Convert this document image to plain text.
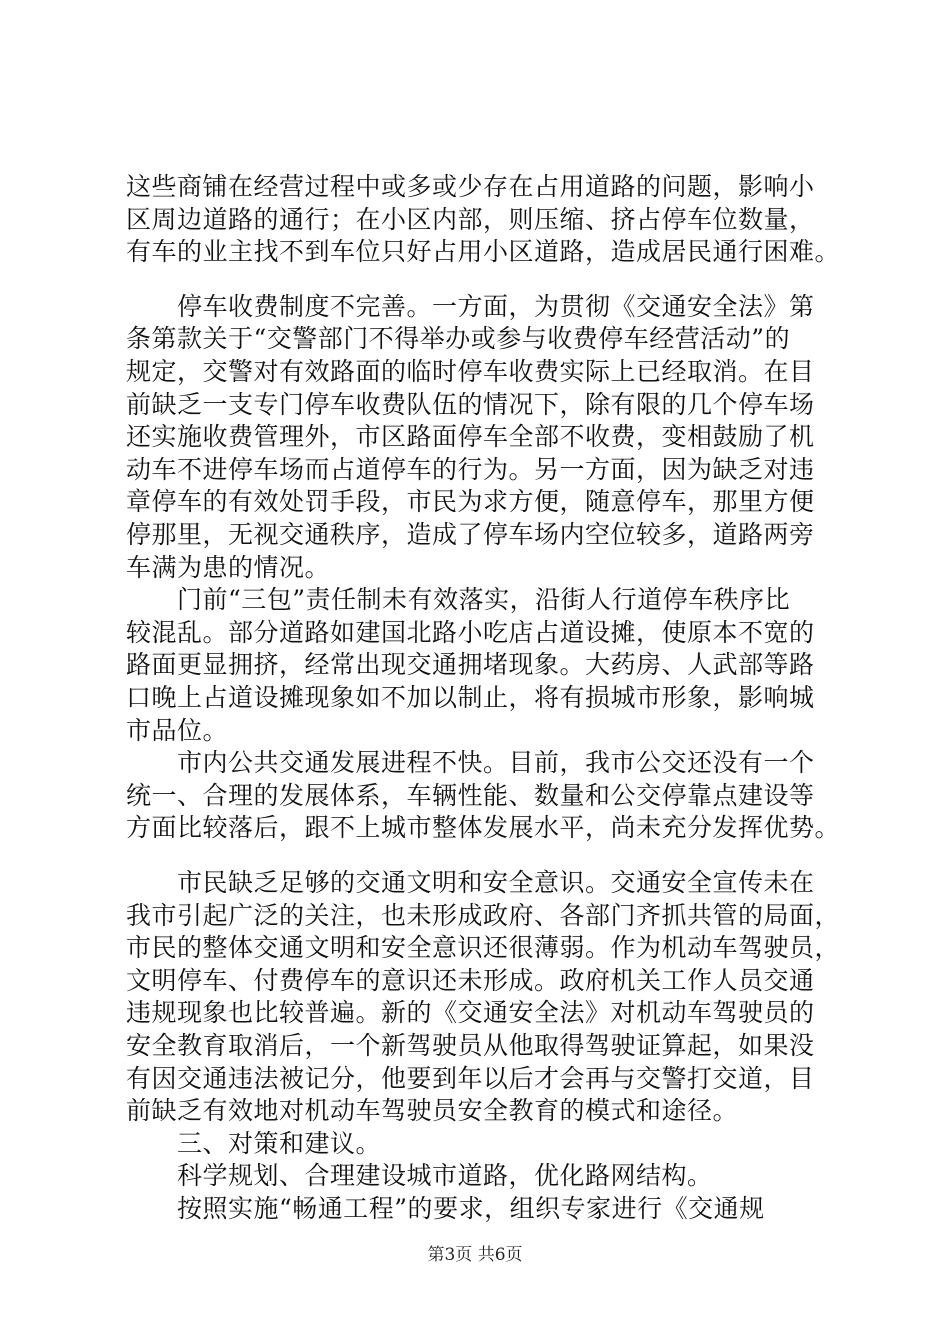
第3页 共6页
这些商铺在经营过程中或多或少存在占用道路的问题，影响小
区周边道路的通行；在小区内部，则压缩、挤占停车位数量，
有车的业主找不到车位只好占用小区道路，造成居民通行困难。
　　停车收费制度不完善。一方面，为贯彻《交通安全法》第
条第款关于“交警部门不得举办或参与收费停车经营活动”的
规定，交警对有效路面的临时停车收费实际上已经取消。在目
前缺乏一支专门停车收费队伍的情况下，除有限的几个停车场
还实施收费管理外，市区路面停车全部不收费，变相鼓励了机
动车不进停车场而占道停车的行为。另一方面，因为缺乏对违
章停车的有效处罚手段，市民为求方便，随意停车，那里方便
停那里，无视交通秩序，造成了停车场内空位较多，道路两旁
车满为患的情况。
　　门前“三包”责任制未有效落实，沿街人行道停车秩序比
较混乱。部分道路如建国北路小吃店占道设摊，使原本不宽的
路面更显拥挤，经常出现交通拥堵现象。大药房、人武部等路
口晚上占道设摊现象如不加以制止，将有损城市形象，影响城
市品位。
　　市内公共交通发展进程不快。目前，我市公交还没有一个
统一、合理的发展体系，车辆性能、数量和公交停靠点建设等
方面比较落后，跟不上城市整体发展水平，尚未充分发挥优势。
　　市民缺乏足够的交通文明和安全意识。交通安全宣传未在
我市引起广泛的关注，也未形成政府、各部门齐抓共管的局面，
市民的整体交通文明和安全意识还很薄弱。作为机动车驾驶员，
文明停车、付费停车的意识还未形成。政府机关工作人员交通
违规现象也比较普遍。新的《交通安全法》对机动车驾驶员的
安全教育取消后，一个新驾驶员从他取得驾驶证算起，如果没
有因交通违法被记分，他要到年以后才会再与交警打交道，目
前缺乏有效地对机动车驾驶员安全教育的模式和途径。
　　三、对策和建议。
　　科学规划、合理建设城市道路，优化路网结构。
　　按照实施“畅通工程”的要求，组织专家进行《交通规
